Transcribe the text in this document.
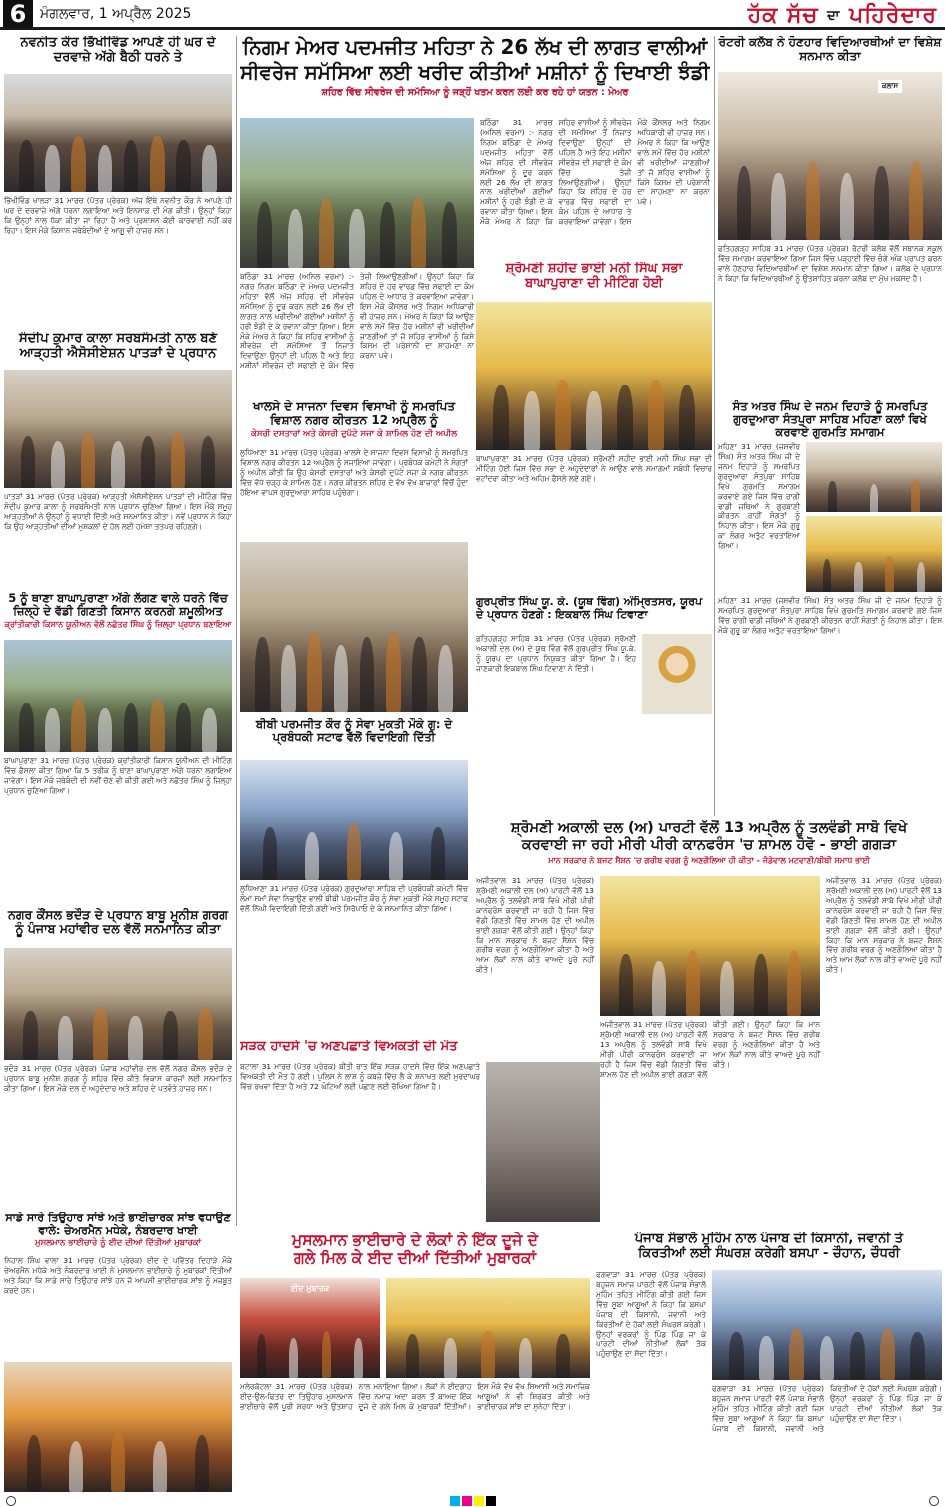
6 ਮੰਗਲਵਾਰ, 1 ਅਪ੍ਰੈਲ 2025	ਹੱਕ ਸੱਚ ਦਾ ਪਹਿਰੇਦਾਰ
ਨਵਨੀਤ ਕੌਰ ਭਿੱਖੀਵਿੰਡ ਆਪਣੇ ਹੀ ਘਰ ਦੇ ਦਰਵਾਜ਼ੇ ਅੱਗੇ ਬੈਠੀ ਧਰਨੇ ਤੇ
ਭਿੱਖੀਵਿੰਡ ਖਾਲੜਾ 31 ਮਾਰਚ (ਪੱਤਰ ਪ੍ਰੇਰਕ) ਅੱਜ ਇੱਥੇ ਨਵਨੀਤ ਕੌਰ ਨੇ ਆਪਣੇ ਹੀ ਘਰ ਦੇ ਦਰਵਾਜ਼ੇ ਅੱਗੇ ਧਰਨਾ ਲਗਾਇਆ ਅਤੇ ਇਨਸਾਫ਼ ਦੀ ਮੰਗ ਕੀਤੀ। ਉਨ੍ਹਾਂ ਕਿਹਾ ਕਿ ਉਨ੍ਹਾਂ ਨਾਲ ਧੱਕਾ ਕੀਤਾ ਜਾ ਰਿਹਾ ਹੈ ਅਤੇ ਪ੍ਰਸ਼ਾਸਨ ਕੋਈ ਕਾਰਵਾਈ ਨਹੀਂ ਕਰ ਰਿਹਾ। ਇਸ ਮੌਕੇ ਕਿਸਾਨ ਜਥੇਬੰਦੀਆਂ ਦੇ ਆਗੂ ਵੀ ਹਾਜ਼ਰ ਸਨ।
ਸੰਦੀਪ ਕੁਮਾਰ ਕਾਲਾ ਸਰਬਸੰਮਤੀ ਨਾਲ ਬਣੇ ਆੜ੍ਹਤੀ ਐਸੋਸੀਏਸ਼ਨ ਪਾਤੜਾਂ ਦੇ ਪ੍ਰਧਾਨ
ਪਾਤੜਾਂ 31 ਮਾਰਚ (ਪੱਤਰ ਪ੍ਰੇਰਕ) ਆੜ੍ਹਤੀ ਐਸੋਸੀਏਸ਼ਨ ਪਾਤੜਾਂ ਦੀ ਮੀਟਿੰਗ ਵਿੱਚ ਸੰਦੀਪ ਕੁਮਾਰ ਕਾਲਾ ਨੂੰ ਸਰਬਸੰਮਤੀ ਨਾਲ ਪ੍ਰਧਾਨ ਚੁਣਿਆ ਗਿਆ। ਇਸ ਮੌਕੇ ਸਮੂਹ ਆੜ੍ਹਤੀਆਂ ਨੇ ਉਨ੍ਹਾਂ ਨੂੰ ਵਧਾਈ ਦਿੱਤੀ ਅਤੇ ਸਨਮਾਨਿਤ ਕੀਤਾ। ਨਵੇਂ ਪ੍ਰਧਾਨ ਨੇ ਕਿਹਾ ਕਿ ਉਹ ਆੜ੍ਹਤੀਆਂ ਦੀਆਂ ਮੁਸ਼ਕਲਾਂ ਦੇ ਹੱਲ ਲਈ ਹਮੇਸ਼ਾ ਤਤਪਰ ਰਹਿਣਗੇ।
5 ਨੂੰ ਥਾਣਾ ਬਾਘਾਪੁਰਾਣਾ ਅੱਗੇ ਲੱਗਣ ਵਾਲੇ ਧਰਨੇ ਵਿੱਚ ਜ਼ਿਲ੍ਹੇ ਦੇ ਵੱਡੀ ਗਿਣਤੀ ਕਿਸਾਨ ਕਰਨਗੇ ਸ਼ਮੂਲੀਅਤ
ਕ੍ਰਾਂਤੀਕਾਰੀ ਕਿਸਾਨ ਯੂਨੀਅਨ ਵੱਲੋਂ ਨਛੱਤਰ ਸਿੰਘ ਨੂੰ ਜ਼ਿਲ੍ਹਾ ਪ੍ਰਧਾਨ ਬਣਾਇਆ
ਬਾਘਾਪੁਰਾਣਾ 31 ਮਾਰਚ (ਪੱਤਰ ਪ੍ਰੇਰਕ) ਕ੍ਰਾਂਤੀਕਾਰੀ ਕਿਸਾਨ ਯੂਨੀਅਨ ਦੀ ਮੀਟਿੰਗ ਵਿੱਚ ਫ਼ੈਸਲਾ ਕੀਤਾ ਗਿਆ ਕਿ 5 ਤਰੀਕ ਨੂੰ ਥਾਣਾ ਬਾਘਾਪੁਰਾਣਾ ਅੱਗੇ ਧਰਨਾ ਲਗਾਇਆ ਜਾਵੇਗਾ। ਇਸ ਮੌਕੇ ਜਥੇਬੰਦੀ ਦੀ ਨਵੀਂ ਚੋਣ ਵੀ ਕੀਤੀ ਗਈ ਅਤੇ ਨਛੱਤਰ ਸਿੰਘ ਨੂੰ ਜ਼ਿਲ੍ਹਾ ਪ੍ਰਧਾਨ ਚੁਣਿਆ ਗਿਆ।
ਨਗਰ ਕੌਂਸਲ ਭਦੌੜ ਦੇ ਪ੍ਰਧਾਨ ਬਾਬੂ ਮੁਨੀਸ਼ ਗਰਗ ਨੂੰ ਪੰਜਾਬ ਮਹਾਂਵੀਰ ਦਲ ਵੱਲੋਂ ਸਨਮਾਨਿਤ ਕੀਤਾ
ਭਦੌੜ 31 ਮਾਰਚ (ਪੱਤਰ ਪ੍ਰੇਰਕ) ਪੰਜਾਬ ਮਹਾਂਵੀਰ ਦਲ ਵੱਲੋਂ ਨਗਰ ਕੌਂਸਲ ਭਦੌੜ ਦੇ ਪ੍ਰਧਾਨ ਬਾਬੂ ਮੁਨੀਸ਼ ਗਰਗ ਨੂੰ ਸ਼ਹਿਰ ਵਿੱਚ ਕੀਤੇ ਵਿਕਾਸ ਕਾਰਜਾਂ ਲਈ ਸਨਮਾਨਿਤ ਕੀਤਾ ਗਿਆ। ਇਸ ਮੌਕੇ ਦਲ ਦੇ ਅਹੁਦੇਦਾਰ ਅਤੇ ਸ਼ਹਿਰ ਦੇ ਪਤਵੰਤੇ ਹਾਜ਼ਰ ਸਨ।
ਸਾਡੇ ਸਾਰੇ ਤਿਉਹਾਰ ਸਾਂਝੇ ਅਤੇ ਭਾਈਚਾਰਕ ਸਾਂਝ ਵਧਾਉਣ ਵਾਲੇ: ਚੇਅਰਮੈਨ ਮਧੇਕੇ, ਨੰਬਰਦਾਰ ਖਾਈ
ਮੁਸਲਮਾਨ ਭਾਈਚਾਰੇ ਨੂੰ ਈਦ ਦੀਆਂ ਦਿੱਤੀਆਂ ਮੁਬਾਰਕਾਂ
ਨਿਹਾਲ ਸਿੰਘ ਵਾਲਾ 31 ਮਾਰਚ (ਪੱਤਰ ਪ੍ਰੇਰਕ) ਈਦ ਦੇ ਪਵਿੱਤਰ ਦਿਹਾੜੇ ਮੌਕੇ ਚੇਅਰਮੈਨ ਮਧੇਕੇ ਅਤੇ ਨੰਬਰਦਾਰ ਖਾਈ ਨੇ ਮੁਸਲਮਾਨ ਭਾਈਚਾਰੇ ਨੂੰ ਮੁਬਾਰਕਾਂ ਦਿੱਤੀਆਂ ਅਤੇ ਕਿਹਾ ਕਿ ਸਾਡੇ ਸਾਰੇ ਤਿਉਹਾਰ ਸਾਂਝੇ ਹਨ ਜੋ ਆਪਸੀ ਭਾਈਚਾਰਕ ਸਾਂਝ ਨੂੰ ਮਜ਼ਬੂਤ ਕਰਦੇ ਹਨ।
ਨਿਗਮ ਮੇਅਰ ਪਦਮਜੀਤ ਮਹਿਤਾ ਨੇ 26 ਲੱਖ ਦੀ ਲਾਗਤ ਵਾਲੀਆਂ
ਸੀਵਰੇਜ ਸਮੱਸਿਆ ਲਈ ਖਰੀਦ ਕੀਤੀਆਂ ਮਸ਼ੀਨਾਂ ਨੂੰ ਦਿਖਾਈ ਝੰਡੀ
ਸ਼ਹਿਰ ਵਿੱਚ ਸੀਵਰੇਜ ਦੀ ਸਮੱਸਿਆ ਨੂੰ ਜੜ੍ਹੋਂ ਖਤਮ ਕਰਨ ਲਈ ਕਰ ਰਹੇ ਹਾਂ ਯਤਨ : ਮੇਅਰ
ਬਠਿੰਡਾ 31 ਮਾਰਚ (ਅਨਿਲ ਵਰਮਾ) :- ਨਗਰ ਨਿਗਮ ਬਠਿੰਡਾ ਦੇ ਮੇਅਰ ਪਦਮਜੀਤ ਮਹਿਤਾ ਵੱਲੋਂ ਅੱਜ ਸ਼ਹਿਰ ਦੀ ਸੀਵਰੇਜ ਸਮੱਸਿਆ ਨੂੰ ਦੂਰ ਕਰਨ ਲਈ 26 ਲੱਖ ਦੀ ਲਾਗਤ ਨਾਲ ਖਰੀਦੀਆਂ ਗਈਆਂ ਮਸ਼ੀਨਾਂ ਨੂੰ ਹਰੀ ਝੰਡੀ ਦੇ ਕੇ ਰਵਾਨਾ ਕੀਤਾ ਗਿਆ। ਇਸ ਮੌਕੇ ਮੇਅਰ ਨੇ ਕਿਹਾ ਕਿ ਸ਼ਹਿਰ ਵਾਸੀਆਂ ਨੂੰ ਸੀਵਰੇਜ ਦੀ ਸਮੱਸਿਆ ਤੋਂ ਨਿਜਾਤ ਦਿਵਾਉਣਾ ਉਨ੍ਹਾਂ ਦੀ ਪਹਿਲ ਹੈ ਅਤੇ ਇਹ ਮਸ਼ੀਨਾਂ ਸੀਵਰੇਜ ਦੀ ਸਫਾਈ ਦੇ ਕੰਮ ਵਿੱਚ ਤੇਜ਼ੀ ਲਿਆਉਣਗੀਆਂ। ਉਨ੍ਹਾਂ ਕਿਹਾ ਕਿ ਸ਼ਹਿਰ ਦੇ ਹਰ ਵਾਰਡ ਵਿੱਚ ਸਫਾਈ ਦਾ ਕੰਮ ਪਹਿਲ ਦੇ ਆਧਾਰ ਤੇ ਕਰਵਾਇਆ ਜਾਵੇਗਾ। ਇਸ ਮੌਕੇ ਕੌਂਸਲਰ ਅਤੇ ਨਿਗਮ ਅਧਿਕਾਰੀ ਵੀ ਹਾਜ਼ਰ ਸਨ। ਮੇਅਰ ਨੇ ਕਿਹਾ ਕਿ ਆਉਣ ਵਾਲੇ ਸਮੇਂ ਵਿੱਚ ਹੋਰ ਮਸ਼ੀਨਾਂ ਵੀ ਖਰੀਦੀਆਂ ਜਾਣਗੀਆਂ ਤਾਂ ਜੋ ਸ਼ਹਿਰ ਵਾਸੀਆਂ ਨੂੰ ਕਿਸੇ ਕਿਸਮ ਦੀ ਪਰੇਸ਼ਾਨੀ ਦਾ ਸਾਹਮਣਾ ਨਾ ਕਰਨਾ ਪਵੇ।
ਬਠਿੰਡਾ 31 ਮਾਰਚ (ਅਨਿਲ ਵਰਮਾ) :- ਨਗਰ ਨਿਗਮ ਬਠਿੰਡਾ ਦੇ ਮੇਅਰ ਪਦਮਜੀਤ ਮਹਿਤਾ ਵੱਲੋਂ ਅੱਜ ਸ਼ਹਿਰ ਦੀ ਸੀਵਰੇਜ ਸਮੱਸਿਆ ਨੂੰ ਦੂਰ ਕਰਨ ਲਈ 26 ਲੱਖ ਦੀ ਲਾਗਤ ਨਾਲ ਖਰੀਦੀਆਂ ਗਈਆਂ ਮਸ਼ੀਨਾਂ ਨੂੰ ਹਰੀ ਝੰਡੀ ਦੇ ਕੇ ਰਵਾਨਾ ਕੀਤਾ ਗਿਆ। ਇਸ ਮੌਕੇ ਮੇਅਰ ਨੇ ਕਿਹਾ ਕਿ ਸ਼ਹਿਰ ਵਾਸੀਆਂ ਨੂੰ ਸੀਵਰੇਜ ਦੀ ਸਮੱਸਿਆ ਤੋਂ ਨਿਜਾਤ ਦਿਵਾਉਣਾ ਉਨ੍ਹਾਂ ਦੀ ਪਹਿਲ ਹੈ ਅਤੇ ਇਹ ਮਸ਼ੀਨਾਂ ਸੀਵਰੇਜ ਦੀ ਸਫਾਈ ਦੇ ਕੰਮ ਵਿੱਚ ਤੇਜ਼ੀ ਲਿਆਉਣਗੀਆਂ। ਉਨ੍ਹਾਂ ਕਿਹਾ ਕਿ ਸ਼ਹਿਰ ਦੇ ਹਰ ਵਾਰਡ ਵਿੱਚ ਸਫਾਈ ਦਾ ਕੰਮ ਪਹਿਲ ਦੇ ਆਧਾਰ ਤੇ ਕਰਵਾਇਆ ਜਾਵੇਗਾ। ਇਸ ਮੌਕੇ ਕੌਂਸਲਰ ਅਤੇ ਨਿਗਮ ਅਧਿਕਾਰੀ ਵੀ ਹਾਜ਼ਰ ਸਨ। ਮੇਅਰ ਨੇ ਕਿਹਾ ਕਿ ਆਉਣ ਵਾਲੇ ਸਮੇਂ ਵਿੱਚ ਹੋਰ ਮਸ਼ੀਨਾਂ ਵੀ ਖਰੀਦੀਆਂ ਜਾਣਗੀਆਂ ਤਾਂ ਜੋ ਸ਼ਹਿਰ ਵਾਸੀਆਂ ਨੂੰ ਕਿਸੇ ਕਿਸਮ ਦੀ ਪਰੇਸ਼ਾਨੀ ਦਾ ਸਾਹਮਣਾ ਨਾ ਕਰਨਾ ਪਵੇ।
ਖਾਲਸੇ ਦੇ ਸਾਜਨਾ ਦਿਵਸ ਵਿਸਾਖੀ ਨੂੰ ਸਮਰਪਿਤ ਵਿਸ਼ਾਲ ਨਗਰ ਕੀਰਤਨ 12 ਅਪ੍ਰੈਲ ਨੂੰ
ਕੇਸਰੀ ਦਸਤਾਰਾਂ ਅਤੇ ਕੇਸਰੀ ਦੁਪੱਟੇ ਸਜਾ ਕੇ ਸ਼ਾਮਿਲ ਹੋਣ ਦੀ ਅਪੀਲ
ਲੁਧਿਆਣਾ 31 ਮਾਰਚ (ਪੱਤਰ ਪ੍ਰੇਰਕ) ਖਾਲਸੇ ਦੇ ਸਾਜਨਾ ਦਿਵਸ ਵਿਸਾਖੀ ਨੂੰ ਸਮਰਪਿਤ ਵਿਸ਼ਾਲ ਨਗਰ ਕੀਰਤਨ 12 ਅਪ੍ਰੈਲ ਨੂੰ ਸਜਾਇਆ ਜਾਵੇਗਾ। ਪ੍ਰਬੰਧਕ ਕਮੇਟੀ ਨੇ ਸੰਗਤਾਂ ਨੂੰ ਅਪੀਲ ਕੀਤੀ ਕਿ ਉਹ ਕੇਸਰੀ ਦਸਤਾਰਾਂ ਅਤੇ ਕੇਸਰੀ ਦੁਪੱਟੇ ਸਜਾ ਕੇ ਨਗਰ ਕੀਰਤਨ ਵਿੱਚ ਵੱਧ ਚੜ੍ਹ ਕੇ ਸ਼ਾਮਿਲ ਹੋਣ। ਨਗਰ ਕੀਰਤਨ ਸ਼ਹਿਰ ਦੇ ਵੱਖ ਵੱਖ ਬਾਜ਼ਾਰਾਂ ਵਿੱਚੋਂ ਹੁੰਦਾ ਹੋਇਆ ਵਾਪਸ ਗੁਰਦੁਆਰਾ ਸਾਹਿਬ ਪਹੁੰਚੇਗਾ।
ਬੀਬੀ ਪਰਮਜੀਤ ਕੌਰ ਨੂੰ ਸੇਵਾ ਮੁਕਤੀ ਮੌਕੇ ਗੁ: ਦੇ ਪ੍ਰਬੰਧਕੀ ਸਟਾਫ ਵੱਲੋਂ ਵਿਦਾਇਗੀ ਦਿੱਤੀ
ਲੁਧਿਆਣਾ 31 ਮਾਰਚ (ਪੱਤਰ ਪ੍ਰੇਰਕ) ਗੁਰਦੁਆਰਾ ਸਾਹਿਬ ਦੀ ਪ੍ਰਬੰਧਕੀ ਕਮੇਟੀ ਵਿੱਚ ਲੰਮਾ ਸਮਾਂ ਸੇਵਾ ਨਿਭਾਉਣ ਵਾਲੀ ਬੀਬੀ ਪਰਮਜੀਤ ਕੌਰ ਨੂੰ ਸੇਵਾ ਮੁਕਤੀ ਮੌਕੇ ਸਮੂਹ ਸਟਾਫ ਵੱਲੋਂ ਨਿੱਘੀ ਵਿਦਾਇਗੀ ਦਿੱਤੀ ਗਈ ਅਤੇ ਸਿਰੋਪਾਓ ਦੇ ਕੇ ਸਨਮਾਨਿਤ ਕੀਤਾ ਗਿਆ।
ਸੜਕ ਹਾਦਸੇ 'ਚ ਅਣਪਛਾਤੇ ਵਿਅਕਤੀ ਦੀ ਮੌਤ
ਬਟਾਲਾ 31 ਮਾਰਚ (ਪੱਤਰ ਪ੍ਰੇਰਕ) ਬੀਤੀ ਰਾਤ ਇੱਕ ਸੜਕ ਹਾਦਸੇ ਵਿੱਚ ਇੱਕ ਅਣਪਛਾਤੇ ਵਿਅਕਤੀ ਦੀ ਮੌਤ ਹੋ ਗਈ। ਪੁਲਿਸ ਨੇ ਲਾਸ਼ ਨੂੰ ਕਬਜ਼ੇ ਵਿੱਚ ਲੈ ਕੇ ਸ਼ਨਾਖਤ ਲਈ ਮੁਰਦਾਘਰ ਵਿੱਚ ਰਖਵਾ ਦਿੱਤਾ ਹੈ ਅਤੇ 72 ਘੰਟਿਆਂ ਲਈ ਪਛਾਣ ਲਈ ਰੱਖਿਆ ਗਿਆ ਹੈ।
ਮੁਸਲਮਾਨ ਭਾਈਚਾਰੇ ਦੇ ਲੋਕਾਂ ਨੇ ਇੱਕ ਦੂਜੇ ਦੇ
ਗਲੇ ਮਿਲ ਕੇ ਈਦ ਦੀਆਂ ਦਿੱਤੀਆਂ ਮੁਬਾਰਕਾਂ
ਈਦ ਮੁਬਾਰਕ
ਮਲੇਰਕੋਟਲਾ 31 ਮਾਰਚ (ਪੱਤਰ ਪ੍ਰੇਰਕ) ਈਦ-ਉਲ-ਫਿਤਰ ਦਾ ਤਿਉਹਾਰ ਮੁਸਲਮਾਨ ਭਾਈਚਾਰੇ ਵੱਲੋਂ ਪੂਰੀ ਸ਼ਰਧਾ ਅਤੇ ਉਤਸ਼ਾਹ ਨਾਲ ਮਨਾਇਆ ਗਿਆ। ਲੋਕਾਂ ਨੇ ਈਦਗਾਹ ਵਿੱਚ ਨਮਾਜ਼ ਅਦਾ ਕਰਨ ਤੋਂ ਬਾਅਦ ਇੱਕ ਦੂਜੇ ਦੇ ਗਲੇ ਮਿਲ ਕੇ ਮੁਬਾਰਕਾਂ ਦਿੱਤੀਆਂ। ਇਸ ਮੌਕੇ ਵੱਖ ਵੱਖ ਸਿਆਸੀ ਅਤੇ ਸਮਾਜਿਕ ਆਗੂਆਂ ਨੇ ਵੀ ਸ਼ਿਰਕਤ ਕੀਤੀ ਅਤੇ ਭਾਈਚਾਰਕ ਸਾਂਝ ਦਾ ਸੁਨੇਹਾ ਦਿੱਤਾ।
ਸ਼੍ਰੋਮਣੀ ਸ਼ਹੀਦ ਭਾਈ ਮਨੀ ਸਿੰਘ ਸਭਾ ਬਾਘਾਪੁਰਾਣਾ ਦੀ ਮੀਟਿੰਗ ਹੋਈ
ਬਾਘਾਪੁਰਾਣਾ 31 ਮਾਰਚ (ਪੱਤਰ ਪ੍ਰੇਰਕ) ਸ਼੍ਰੋਮਣੀ ਸ਼ਹੀਦ ਭਾਈ ਮਨੀ ਸਿੰਘ ਸਭਾ ਦੀ ਮੀਟਿੰਗ ਹੋਈ ਜਿਸ ਵਿੱਚ ਸਭਾ ਦੇ ਅਹੁਦੇਦਾਰਾਂ ਨੇ ਆਉਣ ਵਾਲੇ ਸਮਾਗਮਾਂ ਸਬੰਧੀ ਵਿਚਾਰ ਵਟਾਂਦਰਾ ਕੀਤਾ ਅਤੇ ਅਹਿਮ ਫ਼ੈਸਲੇ ਲਏ ਗਏ।
ਗੁਰਪ੍ਰੀਤ ਸਿੰਘ ਯੂ. ਕੇ. (ਯੂਥ ਵਿੰਗ) ਅੰਮ੍ਰਿਤਸਰ, ਯੂਰਪ ਦੇ ਪ੍ਰਧਾਨ ਹੋਣਗੇ : ਇਕਬਾਲ ਸਿੰਘ ਟਿਵਾਣਾ
ਫ਼ਤਿਹਗੜ੍ਹ ਸਾਹਿਬ 31 ਮਾਰਚ (ਪੱਤਰ ਪ੍ਰੇਰਕ) ਸ਼੍ਰੋਮਣੀ ਅਕਾਲੀ ਦਲ (ਅ) ਦੇ ਯੂਥ ਵਿੰਗ ਵੱਲੋਂ ਗੁਰਪ੍ਰੀਤ ਸਿੰਘ ਯੂ.ਕੇ. ਨੂੰ ਯੂਰਪ ਦਾ ਪ੍ਰਧਾਨ ਨਿਯੁਕਤ ਕੀਤਾ ਗਿਆ ਹੈ। ਇਹ ਜਾਣਕਾਰੀ ਇਕਬਾਲ ਸਿੰਘ ਟਿਵਾਣਾ ਨੇ ਦਿੱਤੀ।
ਸ਼੍ਰੋਮਣੀ ਅਕਾਲੀ ਦਲ (ਅ) ਪਾਰਟੀ ਵੱਲੋਂ 13 ਅਪ੍ਰੈਲ ਨੂੰ ਤਲਵੰਡੀ ਸਾਬੋ ਵਿਖੇ
ਕਰਵਾਈ ਜਾ ਰਹੀ ਮੀਰੀ ਪੀਰੀ ਕਾਨਫਰੰਸ 'ਚ ਸ਼ਾਮਲ ਹੋਵੋ - ਭਾਈ ਗਗੜਾ
ਮਾਨ ਸਰਕਾਰ ਨੇ ਬਜਟ ਸੈਸ਼ਨ 'ਚ ਗਰੀਬ ਵਰਗ ਨੂੰ ਅਣਗੌਲਿਆ ਹੀ ਕੀਤਾ - ਜੰਡੇਵਾਲ ਮਟਵਾਣੀ/ਬੀਬੀ ਸਮਾਧ ਭਾਈ
ਅਜੀਤਵਾਲ 31 ਮਾਰਚ (ਪੱਤਰ ਪ੍ਰੇਰਕ) ਸ਼੍ਰੋਮਣੀ ਅਕਾਲੀ ਦਲ (ਅ) ਪਾਰਟੀ ਵੱਲੋਂ 13 ਅਪ੍ਰੈਲ ਨੂੰ ਤਲਵੰਡੀ ਸਾਬੋ ਵਿਖੇ ਮੀਰੀ ਪੀਰੀ ਕਾਨਫਰੰਸ ਕਰਵਾਈ ਜਾ ਰਹੀ ਹੈ ਜਿਸ ਵਿੱਚ ਵੱਡੀ ਗਿਣਤੀ ਵਿੱਚ ਸ਼ਾਮਲ ਹੋਣ ਦੀ ਅਪੀਲ ਭਾਈ ਗਗੜਾ ਵੱਲੋਂ ਕੀਤੀ ਗਈ। ਉਨ੍ਹਾਂ ਕਿਹਾ ਕਿ ਮਾਨ ਸਰਕਾਰ ਨੇ ਬਜਟ ਸੈਸ਼ਨ ਵਿੱਚ ਗਰੀਬ ਵਰਗ ਨੂੰ ਅਣਗੌਲਿਆ ਕੀਤਾ ਹੈ ਅਤੇ ਆਮ ਲੋਕਾਂ ਨਾਲ ਕੀਤੇ ਵਾਅਦੇ ਪੂਰੇ ਨਹੀਂ ਕੀਤੇ।
ਅਜੀਤਵਾਲ 31 ਮਾਰਚ (ਪੱਤਰ ਪ੍ਰੇਰਕ) ਸ਼੍ਰੋਮਣੀ ਅਕਾਲੀ ਦਲ (ਅ) ਪਾਰਟੀ ਵੱਲੋਂ 13 ਅਪ੍ਰੈਲ ਨੂੰ ਤਲਵੰਡੀ ਸਾਬੋ ਵਿਖੇ ਮੀਰੀ ਪੀਰੀ ਕਾਨਫਰੰਸ ਕਰਵਾਈ ਜਾ ਰਹੀ ਹੈ ਜਿਸ ਵਿੱਚ ਵੱਡੀ ਗਿਣਤੀ ਵਿੱਚ ਸ਼ਾਮਲ ਹੋਣ ਦੀ ਅਪੀਲ ਭਾਈ ਗਗੜਾ ਵੱਲੋਂ ਕੀਤੀ ਗਈ। ਉਨ੍ਹਾਂ ਕਿਹਾ ਕਿ ਮਾਨ ਸਰਕਾਰ ਨੇ ਬਜਟ ਸੈਸ਼ਨ ਵਿੱਚ ਗਰੀਬ ਵਰਗ ਨੂੰ ਅਣਗੌਲਿਆ ਕੀਤਾ ਹੈ ਅਤੇ ਆਮ ਲੋਕਾਂ ਨਾਲ ਕੀਤੇ ਵਾਅਦੇ ਪੂਰੇ ਨਹੀਂ ਕੀਤੇ।
ਅਜੀਤਵਾਲ 31 ਮਾਰਚ (ਪੱਤਰ ਪ੍ਰੇਰਕ) ਸ਼੍ਰੋਮਣੀ ਅਕਾਲੀ ਦਲ (ਅ) ਪਾਰਟੀ ਵੱਲੋਂ 13 ਅਪ੍ਰੈਲ ਨੂੰ ਤਲਵੰਡੀ ਸਾਬੋ ਵਿਖੇ ਮੀਰੀ ਪੀਰੀ ਕਾਨਫਰੰਸ ਕਰਵਾਈ ਜਾ ਰਹੀ ਹੈ ਜਿਸ ਵਿੱਚ ਵੱਡੀ ਗਿਣਤੀ ਵਿੱਚ ਸ਼ਾਮਲ ਹੋਣ ਦੀ ਅਪੀਲ ਭਾਈ ਗਗੜਾ ਵੱਲੋਂ ਕੀਤੀ ਗਈ। ਉਨ੍ਹਾਂ ਕਿਹਾ ਕਿ ਮਾਨ ਸਰਕਾਰ ਨੇ ਬਜਟ ਸੈਸ਼ਨ ਵਿੱਚ ਗਰੀਬ ਵਰਗ ਨੂੰ ਅਣਗੌਲਿਆ ਕੀਤਾ ਹੈ ਅਤੇ ਆਮ ਲੋਕਾਂ ਨਾਲ ਕੀਤੇ ਵਾਅਦੇ ਪੂਰੇ ਨਹੀਂ ਕੀਤੇ।
ਪੰਜਾਬ ਸੰਭਾਲੋ ਮੁਹਿੰਮ ਨਾਲ ਪੰਜਾਬ ਦੀ ਕਿਸਾਨੀ, ਜਵਾਨੀ ਤੇ
ਕਿਰਤੀਆਂ ਲਈ ਸੰਘਰਸ਼ ਕਰੇਗੀ ਬਸਪਾ - ਚੌਹਾਨ, ਚੌਧਰੀ
ਫਗਵਾੜਾ 31 ਮਾਰਚ (ਪੱਤਰ ਪ੍ਰੇਰਕ) ਬਹੁਜਨ ਸਮਾਜ ਪਾਰਟੀ ਵੱਲੋਂ ਪੰਜਾਬ ਸੰਭਾਲੋ ਮੁਹਿੰਮ ਤਹਿਤ ਮੀਟਿੰਗ ਕੀਤੀ ਗਈ ਜਿਸ ਵਿੱਚ ਸੂਬਾ ਆਗੂਆਂ ਨੇ ਕਿਹਾ ਕਿ ਬਸਪਾ ਪੰਜਾਬ ਦੀ ਕਿਸਾਨੀ, ਜਵਾਨੀ ਅਤੇ ਕਿਰਤੀਆਂ ਦੇ ਹੱਕਾਂ ਲਈ ਸੰਘਰਸ਼ ਕਰੇਗੀ। ਉਨ੍ਹਾਂ ਵਰਕਰਾਂ ਨੂੰ ਪਿੰਡ ਪਿੰਡ ਜਾ ਕੇ ਪਾਰਟੀ ਦੀਆਂ ਨੀਤੀਆਂ ਲੋਕਾਂ ਤੱਕ ਪਹੁੰਚਾਉਣ ਦਾ ਸੱਦਾ ਦਿੱਤਾ।
ਫਗਵਾੜਾ 31 ਮਾਰਚ (ਪੱਤਰ ਪ੍ਰੇਰਕ) ਬਹੁਜਨ ਸਮਾਜ ਪਾਰਟੀ ਵੱਲੋਂ ਪੰਜਾਬ ਸੰਭਾਲੋ ਮੁਹਿੰਮ ਤਹਿਤ ਮੀਟਿੰਗ ਕੀਤੀ ਗਈ ਜਿਸ ਵਿੱਚ ਸੂਬਾ ਆਗੂਆਂ ਨੇ ਕਿਹਾ ਕਿ ਬਸਪਾ ਪੰਜਾਬ ਦੀ ਕਿਸਾਨੀ, ਜਵਾਨੀ ਅਤੇ ਕਿਰਤੀਆਂ ਦੇ ਹੱਕਾਂ ਲਈ ਸੰਘਰਸ਼ ਕਰੇਗੀ। ਉਨ੍ਹਾਂ ਵਰਕਰਾਂ ਨੂੰ ਪਿੰਡ ਪਿੰਡ ਜਾ ਕੇ ਪਾਰਟੀ ਦੀਆਂ ਨੀਤੀਆਂ ਲੋਕਾਂ ਤੱਕ ਪਹੁੰਚਾਉਣ ਦਾ ਸੱਦਾ ਦਿੱਤਾ।
ਰੋਟਰੀ ਕਲੱਬ ਨੇ ਹੋਣਹਾਰ ਵਿਦਿਆਰਥੀਆਂ ਦਾ ਵਿਸ਼ੇਸ਼ ਸਨਮਾਨ ਕੀਤਾ
ਕਲਾਸ
ਫਤਿਹਗੜ੍ਹ ਸਾਹਿਬ 31 ਮਾਰਚ (ਪੱਤਰ ਪ੍ਰੇਰਕ) ਰੋਟਰੀ ਕਲੱਬ ਵੱਲੋਂ ਸਥਾਨਕ ਸਕੂਲ ਵਿੱਚ ਸਮਾਗਮ ਕਰਵਾਇਆ ਗਿਆ ਜਿਸ ਵਿੱਚ ਪੜ੍ਹਾਈ ਵਿੱਚ ਚੰਗੇ ਅੰਕ ਪ੍ਰਾਪਤ ਕਰਨ ਵਾਲੇ ਹੋਣਹਾਰ ਵਿਦਿਆਰਥੀਆਂ ਦਾ ਵਿਸ਼ੇਸ਼ ਸਨਮਾਨ ਕੀਤਾ ਗਿਆ। ਕਲੱਬ ਦੇ ਪ੍ਰਧਾਨ ਨੇ ਕਿਹਾ ਕਿ ਵਿਦਿਆਰਥੀਆਂ ਨੂੰ ਉਤਸ਼ਾਹਿਤ ਕਰਨਾ ਕਲੱਬ ਦਾ ਮੁੱਖ ਮਕਸਦ ਹੈ।
ਸੰਤ ਅਤਰ ਸਿੰਘ ਦੇ ਜਨਮ ਦਿਹਾੜੇ ਨੂੰ ਸਮਰਪਿਤ ਗੁਰਦੁਆਰਾ ਸੰਤਪੁਰਾ ਸਾਹਿਬ ਮਹਿਣਾ ਕਲਾਂ ਵਿਖੇ ਕਰਵਾਏ ਗੁਰਮਤਿ ਸਮਾਗਮ
ਮਹਿਣਾ 31 ਮਾਰਚ (ਜਸਵੀਰ ਸਿੰਘ) ਸੰਤ ਅਤਰ ਸਿੰਘ ਜੀ ਦੇ ਜਨਮ ਦਿਹਾੜੇ ਨੂੰ ਸਮਰਪਿਤ ਗੁਰਦੁਆਰਾ ਸੰਤਪੁਰਾ ਸਾਹਿਬ ਵਿਖੇ ਗੁਰਮਤਿ ਸਮਾਗਮ ਕਰਵਾਏ ਗਏ ਜਿਸ ਵਿੱਚ ਰਾਗੀ ਢਾਡੀ ਜਥਿਆਂ ਨੇ ਗੁਰਬਾਣੀ ਕੀਰਤਨ ਰਾਹੀਂ ਸੰਗਤਾਂ ਨੂੰ ਨਿਹਾਲ ਕੀਤਾ। ਇਸ ਮੌਕੇ ਗੁਰੂ ਕਾ ਲੰਗਰ ਅਤੁੱਟ ਵਰਤਾਇਆ ਗਿਆ।
ਮਹਿਣਾ 31 ਮਾਰਚ (ਜਸਵੀਰ ਸਿੰਘ) ਸੰਤ ਅਤਰ ਸਿੰਘ ਜੀ ਦੇ ਜਨਮ ਦਿਹਾੜੇ ਨੂੰ ਸਮਰਪਿਤ ਗੁਰਦੁਆਰਾ ਸੰਤਪੁਰਾ ਸਾਹਿਬ ਵਿਖੇ ਗੁਰਮਤਿ ਸਮਾਗਮ ਕਰਵਾਏ ਗਏ ਜਿਸ ਵਿੱਚ ਰਾਗੀ ਢਾਡੀ ਜਥਿਆਂ ਨੇ ਗੁਰਬਾਣੀ ਕੀਰਤਨ ਰਾਹੀਂ ਸੰਗਤਾਂ ਨੂੰ ਨਿਹਾਲ ਕੀਤਾ। ਇਸ ਮੌਕੇ ਗੁਰੂ ਕਾ ਲੰਗਰ ਅਤੁੱਟ ਵਰਤਾਇਆ ਗਿਆ।
